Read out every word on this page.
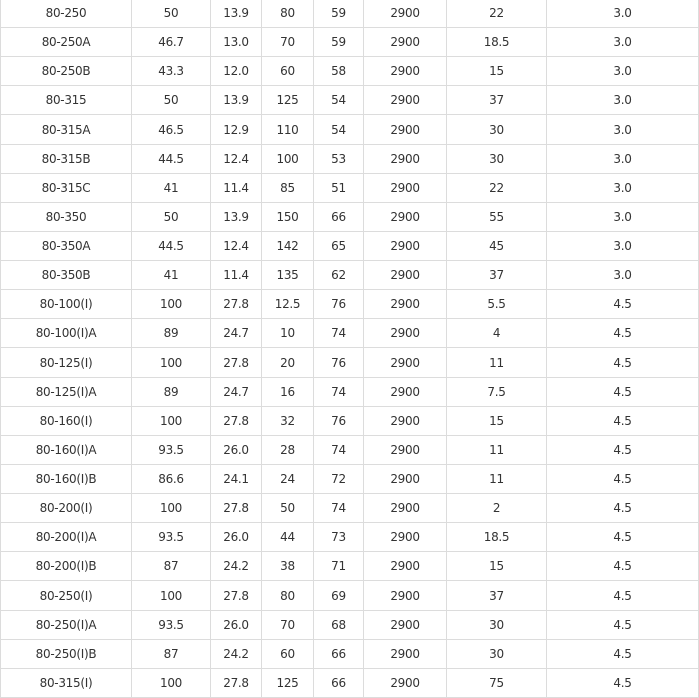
80-250	50	13.9	80	59	2900	22	3.0
80-250A	46.7	13.0	70	59	2900	18.5	3.0
80-250B	43.3	12.0	60	58	2900	15	3.0
80-315	50	13.9	125	54	2900	37	3.0
80-315A	46.5	12.9	110	54	2900	30	3.0
80-315B	44.5	12.4	100	53	2900	30	3.0
80-315C	41	11.4	85	51	2900	22	3.0
80-350	50	13.9	150	66	2900	55	3.0
80-350A	44.5	12.4	142	65	2900	45	3.0
80-350B	41	11.4	135	62	2900	37	3.0
80-100(I)	100	27.8	12.5	76	2900	5.5	4.5
80-100(I)A	89	24.7	10	74	2900	4	4.5
80-125(I)	100	27.8	20	76	2900	11	4.5
80-125(I)A	89	24.7	16	74	2900	7.5	4.5
80-160(I)	100	27.8	32	76	2900	15	4.5
80-160(I)A	93.5	26.0	28	74	2900	11	4.5
80-160(I)B	86.6	24.1	24	72	2900	11	4.5
80-200(I)	100	27.8	50	74	2900	2	4.5
80-200(I)A	93.5	26.0	44	73	2900	18.5	4.5
80-200(I)B	87	24.2	38	71	2900	15	4.5
80-250(I)	100	27.8	80	69	2900	37	4.5
80-250(I)A	93.5	26.0	70	68	2900	30	4.5
80-250(I)B	87	24.2	60	66	2900	30	4.5
80-315(I)	100	27.8	125	66	2900	75	4.5
